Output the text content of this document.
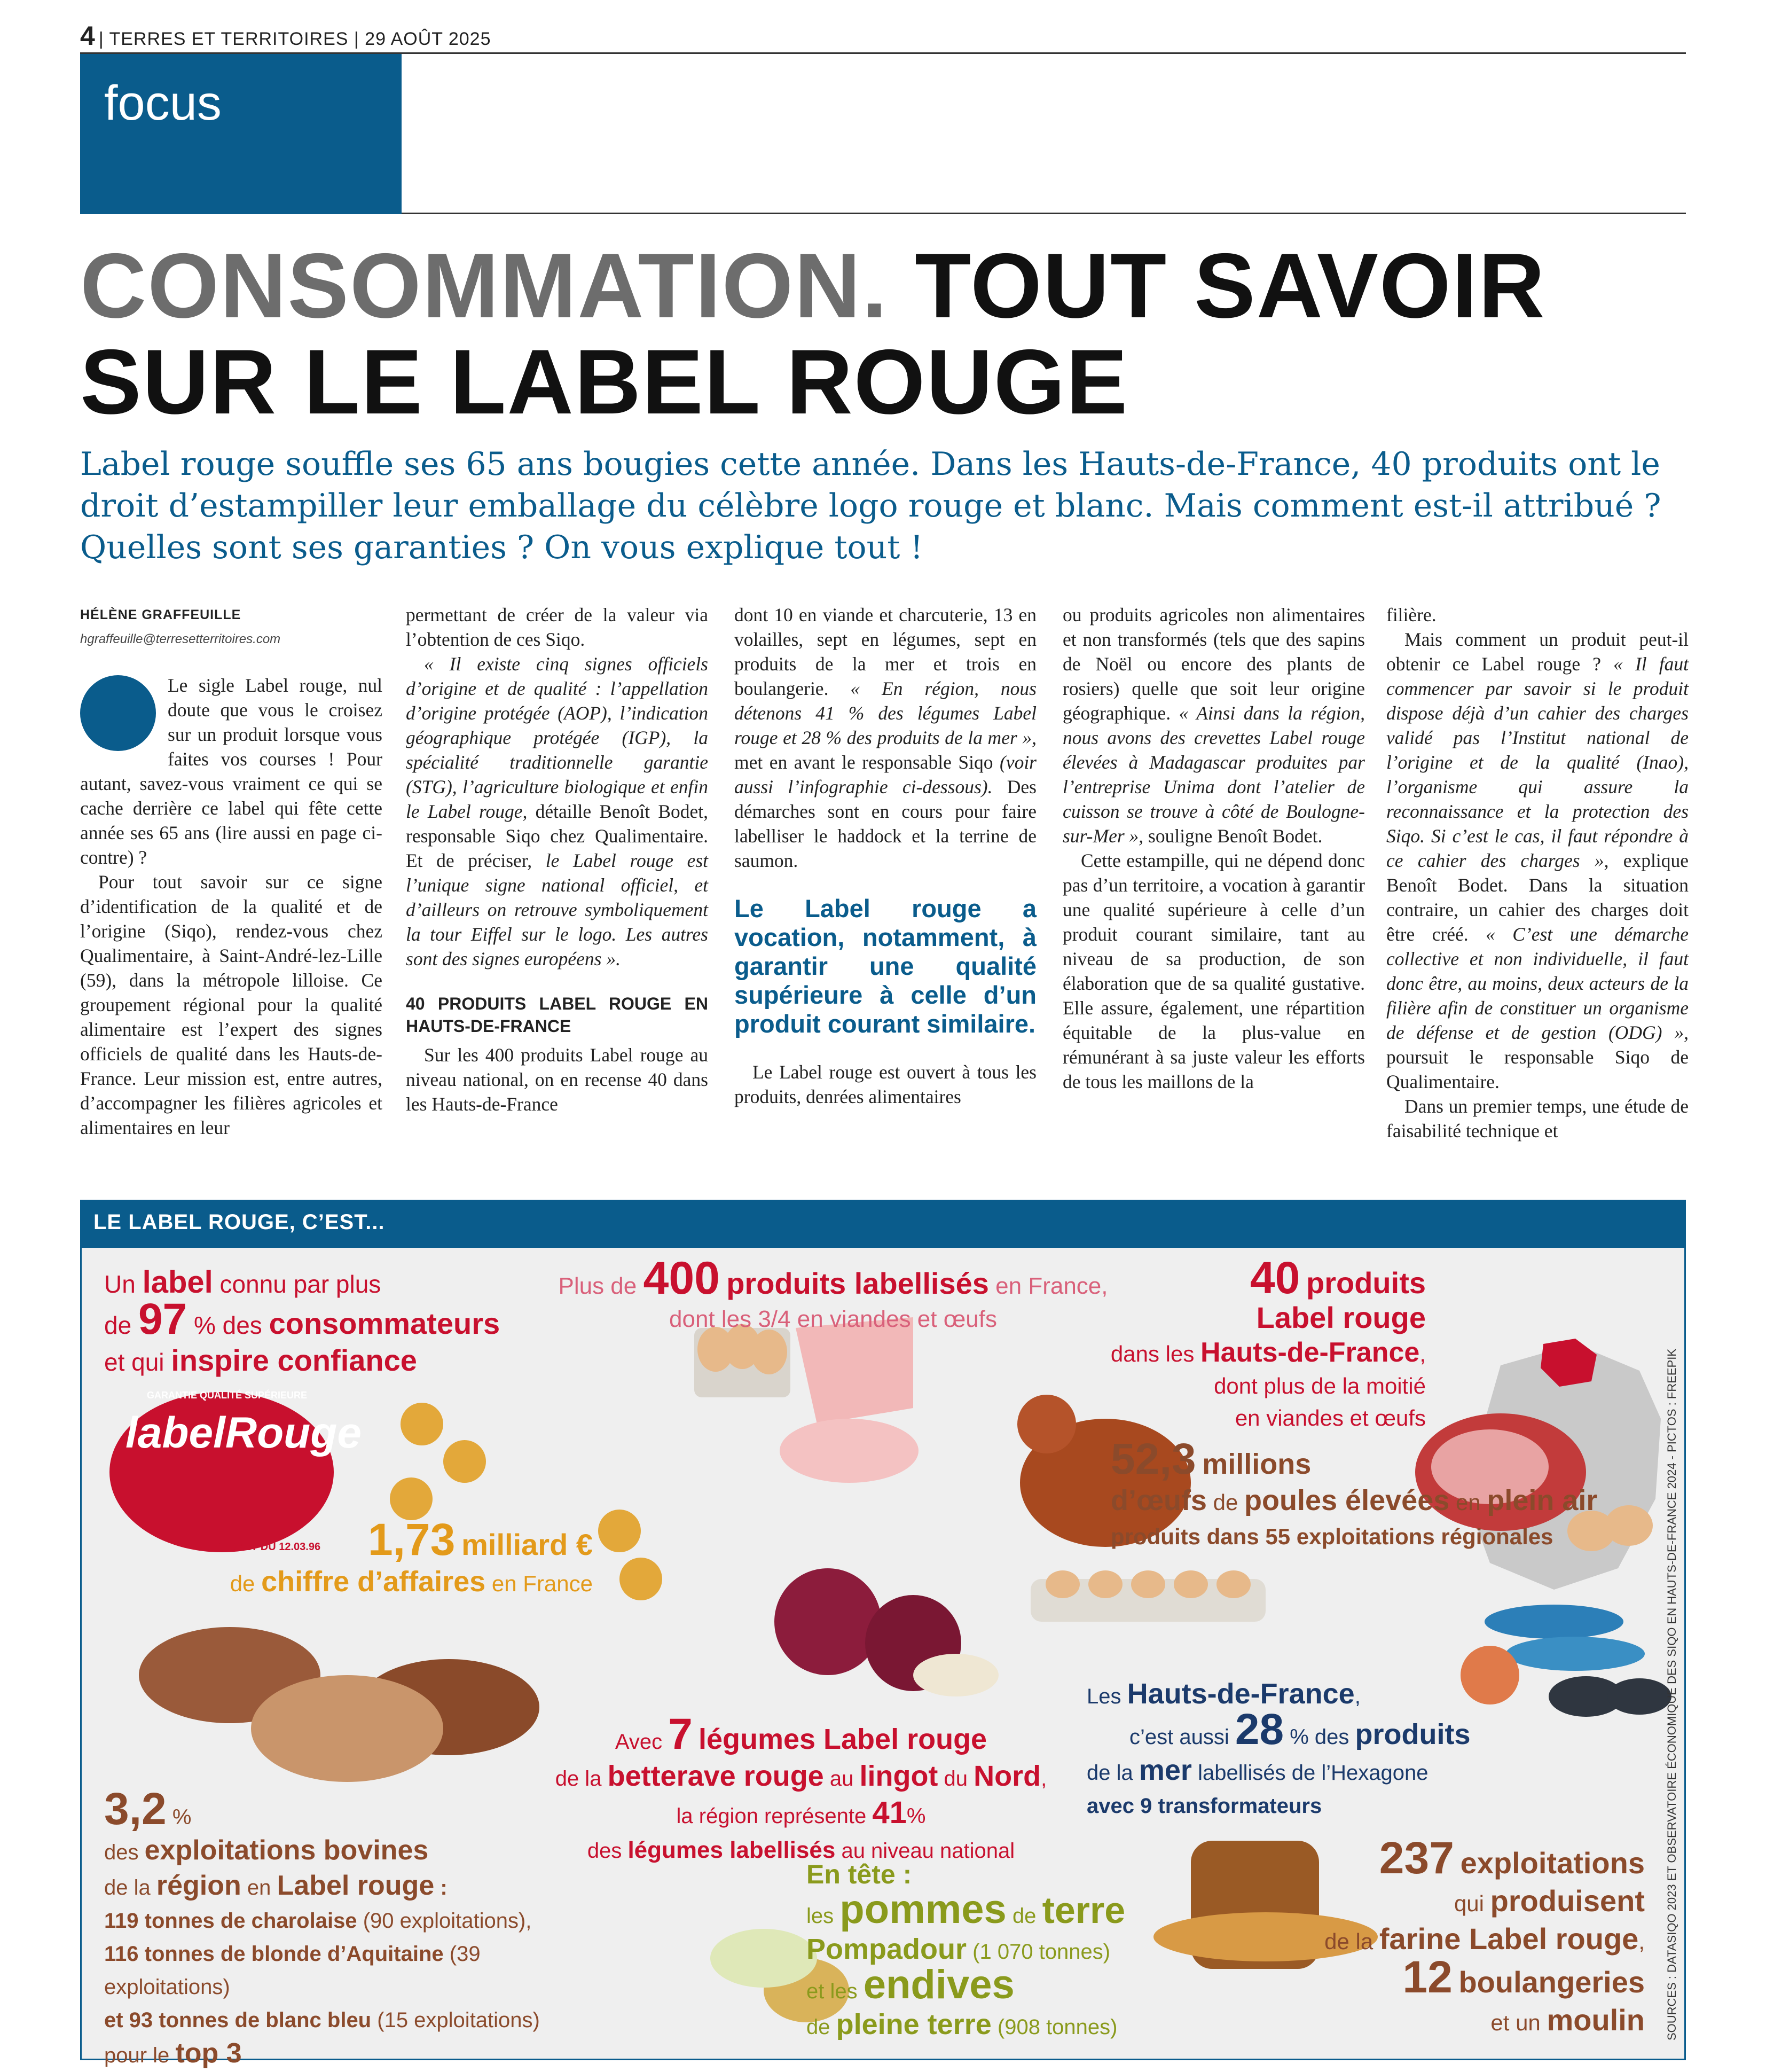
4 | TERRES ET TERRITOIRES | 29 AOÛT 2025
focus
CONSOMMATION. TOUT SAVOIR
SUR LE LABEL ROUGE
Label rouge souffle ses 65 ans bougies cette année. Dans les Hauts-de-France, 40 produits ont le droit d’estampiller leur emballage du célèbre logo rouge et blanc. Mais comment est-il attribué ? Quelles sont ses garanties ? On vous explique tout !
HÉLÈNE GRAFFEUILLE
hgraffeuille@terresetterritoires.com

Le sigle Label rouge, nul doute que vous le croisez sur un produit lorsque vous faites vos courses ! Pour autant, savez-vous vraiment ce qui se cache derrière ce label qui fête cette année ses 65 ans (lire aussi en page ci-contre) ?

Pour tout savoir sur ce signe d’identification de la qualité et de l’origine (Siqo), rendez-vous chez Qualimentaire, à Saint-André-lez-Lille (59), dans la métropole lilloise. Ce groupement régional pour la qualité alimentaire est l’expert des signes officiels de qualité dans les Hauts-de-France. Leur mission est, entre autres, d’accompagner les filières agricoles et alimentaires en leur

permettant de créer de la valeur via l’obtention de ces Siqo.

« Il existe cinq signes officiels d’origine et de qualité : l’appellation d’origine protégée (AOP), l’indication géographique protégée (IGP), la spécialité traditionnelle garantie (STG), l’agriculture biologique et enfin le Label rouge, détaille Benoît Bodet, responsable Siqo chez Qualimentaire. Et de préciser, le Label rouge est l’unique signe national officiel, et d’ailleurs on retrouve symboliquement la tour Eiffel sur le logo. Les autres sont des signes européens ».

40 PRODUITS LABEL ROUGE EN HAUTS-DE-FRANCE

Sur les 400 produits Label rouge au niveau national, on en recense 40 dans les Hauts-de-France

dont 10 en viande et charcuterie, 13 en volailles, sept en légumes, sept en produits de la mer et trois en boulangerie. « En région, nous détenons 41 % des légumes Label rouge et 28 % des produits de la mer », met en avant le responsable Siqo (voir aussi l’infographie ci-dessous). Des démarches sont en cours pour faire labelliser le haddock et la terrine de saumon.

Le Label rouge a vocation, notamment, à garantir une qualité supérieure à celle d’un produit courant similaire.

Le Label rouge est ouvert à tous les produits, denrées alimentaires

ou produits agricoles non alimentaires et non transformés (tels que des sapins de Noël ou encore des plants de rosiers) quelle que soit leur origine géographique. « Ainsi dans la région, nous avons des crevettes Label rouge élevées à Madagascar produites par l’entreprise Unima dont l’atelier de cuisson se trouve à côté de Boulogne-sur-Mer », souligne Benoît Bodet.

Cette estampille, qui ne dépend donc pas d’un territoire, a vocation à garantir une qualité supérieure à celle d’un produit courant similaire, tant au niveau de sa production, de son élaboration que de sa qualité gustative. Elle assure, également, une répartition équitable de la plus-value en rémunérant à sa juste valeur les efforts de tous les maillons de la

filière.

Mais comment un produit peut-il obtenir ce Label rouge ? « Il faut commencer par savoir si le produit dispose déjà d’un cahier des charges validé pas l’Institut national de l’origine et de la qualité (Inao), l’organisme qui assure la reconnaissance et la protection des Siqo. Si c’est le cas, il faut répondre à ce cahier des charges », explique Benoît Bodet. Dans la situation contraire, un cahier des charges doit être créé. « C’est une démarche collective et non individuelle, il faut donc être, au moins, deux acteurs de la filière afin de constituer un organisme de défense et de gestion (ODG) », poursuit le responsable Siqo de Qualimentaire.

Dans un premier temps, une étude de faisabilité technique et

LE LABEL ROUGE, C’EST...
labelRouge
GARANTIE QUALITÉ SUPÉRIEURE
DÉCRET DU 12.03.96
Un label connu par plus
de 97 % des consommateurs
et qui inspire confiance
Plus de 400 produits labellisés en France,
dont les 3/4 en viandes et œufs
40 produits
Label rouge
dans les Hauts-de-France,
dont plus de la moitié
en viandes et œufs
52,3 millions
d’œufs de poules élevées en plein air
produits dans 55 exploitations régionales
1,73 milliard €
de chiffre d’affaires en France
Avec 7 légumes Label rouge
de la betterave rouge au lingot du Nord,
la région représente 41%
des légumes labellisés au niveau national
Les Hauts-de-France,
c’est aussi 28 % des produits
de la mer labellisés de l’Hexagone
avec 9 transformateurs
3,2 %
des exploitations bovines
de la région en Label rouge :
119 tonnes de charolaise (90 exploitations),
116 tonnes de blonde d’Aquitaine (39 exploitations)
et 93 tonnes de blanc bleu (15 exploitations)
pour le top 3
En tête :
les pommes de terre
Pompadour (1 070 tonnes)
et les endives
de pleine terre (908 tonnes)
237 exploitations
qui produisent
de la farine Label rouge,
12 boulangeries
et un moulin SOURCES : DATASIQO 2023 ET OBSERVATOIRE ÉCONOMIQUE DES SIQO EN HAUTS-DE-FRANCE 2024 - PICTOS : FREEPIK
